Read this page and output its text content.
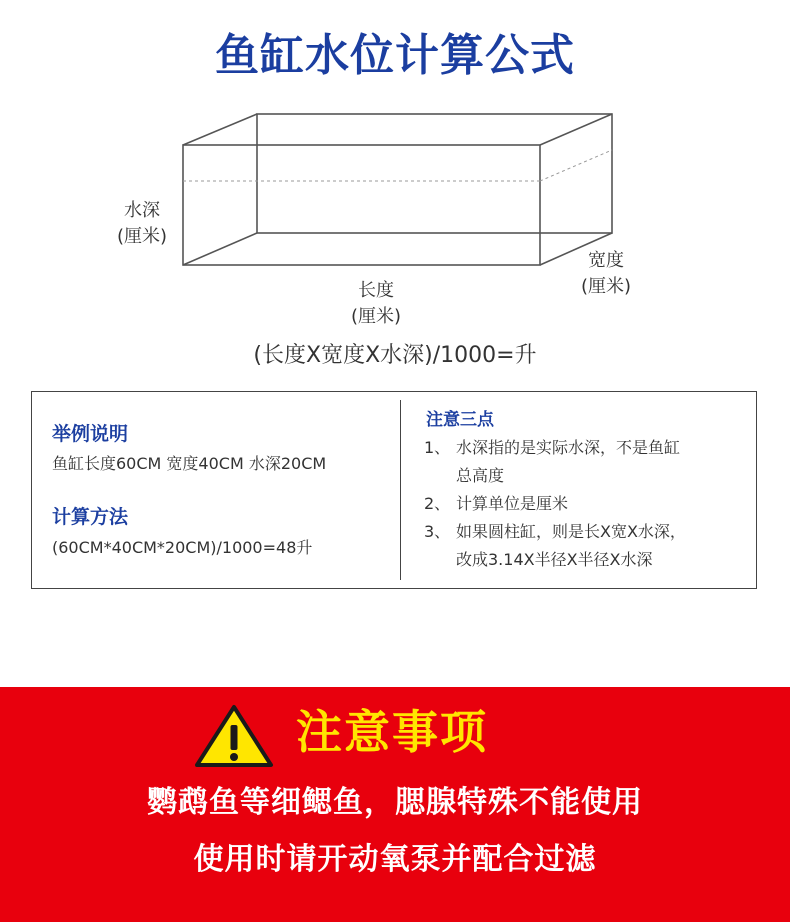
鱼缸水位计算公式
水深
(厘米)
长度
(厘米)
宽度
(厘米)
(长度X宽度X水深)/1000=升
举例说明
鱼缸长度60CM 宽度40CM 水深20CM
计算方法
(60CM*40CM*20CM)/1000=48升
注意三点
1、 水深指的是实际水深，不是鱼缸
总高度
2、 计算单位是厘米
3、 如果圆柱缸，则是长X宽X水深，
改成3.14X半径X半径X水深
注意事项
鹦鹉鱼等细鳃鱼，腮腺特殊不能使用
使用时请开动氧泵并配合过滤
